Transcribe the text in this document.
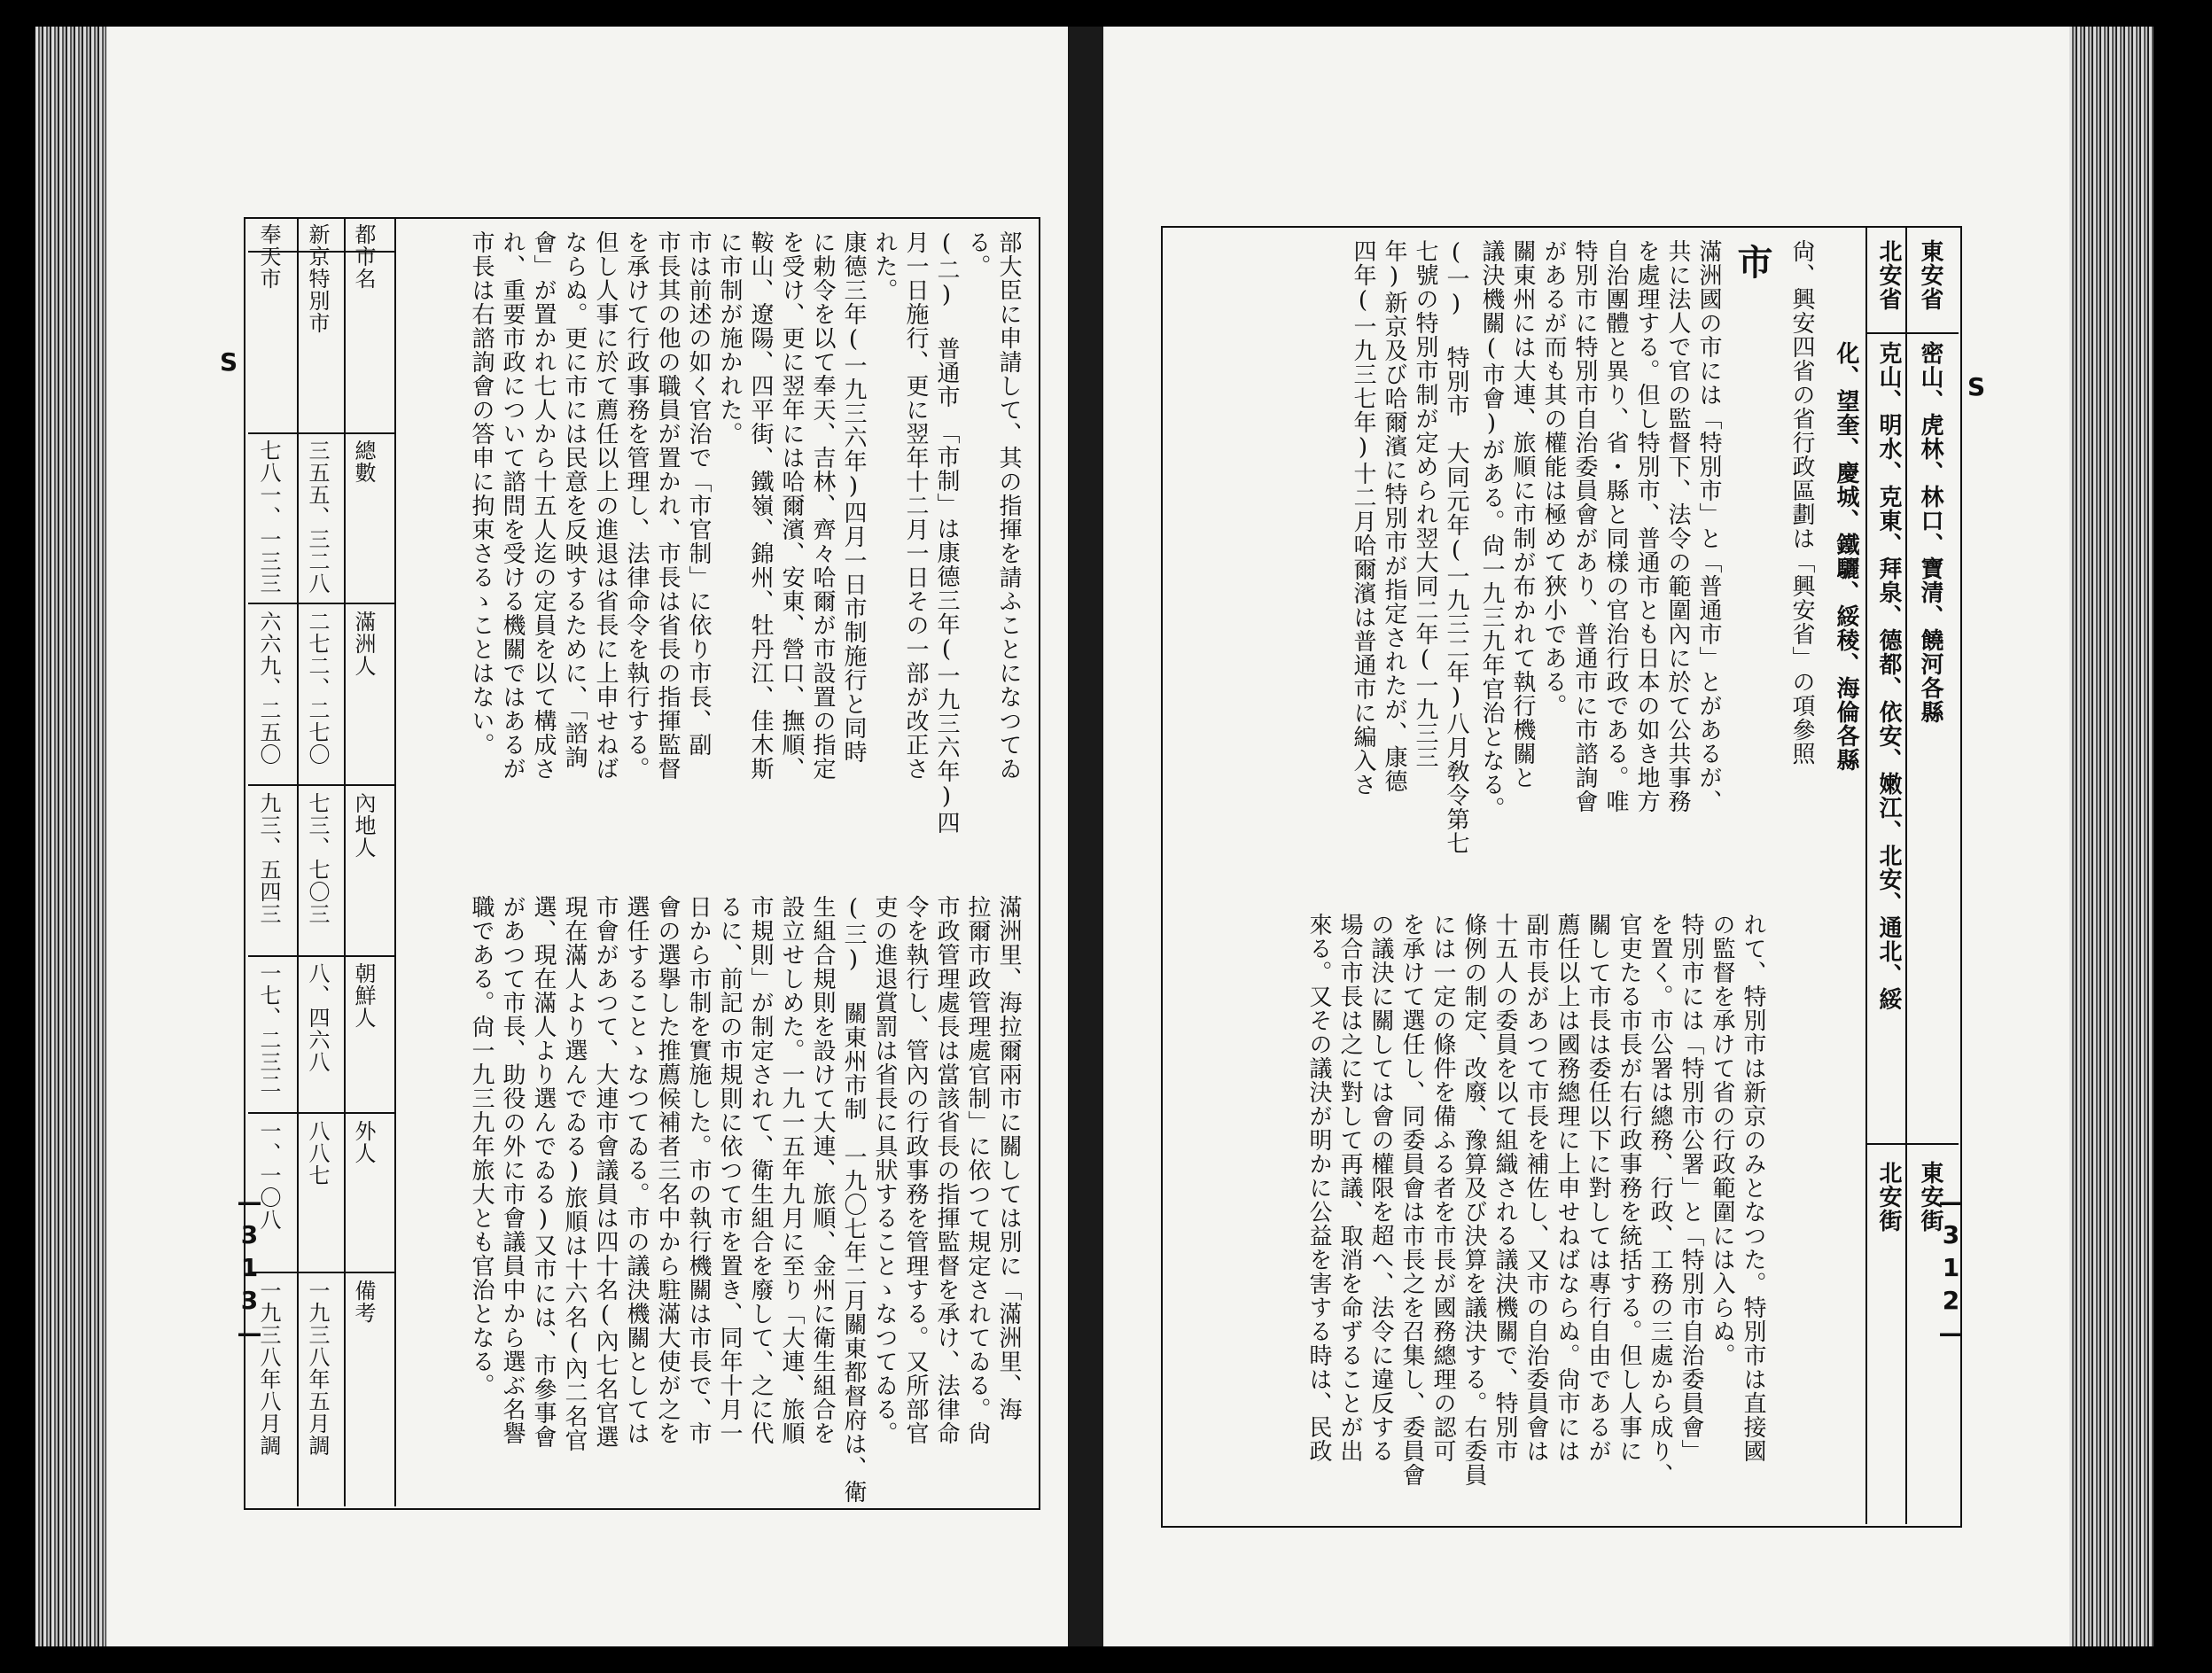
S	部大臣に申請して、其の指揮を請ふことになつてゐ
る。
(二) 普通市　「市制」は康德三年(一九三六年)四
月一日施行、更に翌年十二月一日その一部が改正さ
れた。
康德三年(一九三六年)四月一日市制施行と同時
に勅令を以て奉天、吉林、齊々哈爾が市設置の指定
を受け、更に翌年には哈爾濱、安東、營口、撫順、
鞍山、遼陽、四平街、鐵嶺、錦州、牡丹江、佳木斯
に市制が施かれた。
市は前述の如く官治で「市官制」に依り市長、副
市長其の他の職員が置かれ、市長は省長の指揮監督
を承けて行政事務を管理し、法律命令を執行する。
但し人事に於て薦任以上の進退は省長に上申せねば
ならぬ。更に市には民意を反映するために、「諮詢
會」が置かれ七人から十五人迄の定員を以て構成さ
れ、重要市政について諮問を受ける機關ではあるが
市長は右諮詢會の答申に拘束さるゝことはない。
滿洲里、海拉爾兩市に關しては別に「滿洲里、海
拉爾市政管理處官制」に依つて規定されてゐる。尙
市政管理處長は當該省長の指揮監督を承け、法律命
令を執行し、管內の行政事務を管理する。又所部官
吏の進退賞罰は省長に具狀することゝなつてゐる。
(三) 關東州市制　一九〇七年二月關東都督府は、衛
生組合規則を設けて大連、旅順、金州に衛生組合を
設立せしめた。一九一五年九月に至り「大連、旅順
市規則」が制定されて、衛生組合を廢して、之に代
るに、前記の市規則に依つて市を置き、同年十月一
日から市制を實施した。市の執行機關は市長で、市
會の選擧した推薦候補者三名中から駐滿大使が之を
選任することゝなつてゐる。市の議決機關としては
市會があつて、大連市會議員は四十名(內七名官選
現在滿人より選んでゐる)旅順は十六名(內二名官
選、現在滿人より選んでゐる)又市には、市參事會
があつて市長、助役の外に市會議員中から選ぶ名譽
職である。尙一九三九年旅大とも官治となる。
都市名
總數
滿洲人
內地人
朝鮮人
外人
備考
新京特別市
三五五、三二八
二七二、二七〇
七三、七〇三
八、四六八
八八七
一九三八年五月調
奉天市
七八一、一三三
六六九、二五〇
九三、五四三
一七、二三二
一、一〇八
一九三八年八月調
— 313 —
S
東安省
密山、虎林、林口、寶清、饒河各縣
東安街
北安省
克山、明水、克東、拜泉、德都、依安、嫩江、北安、通北、綏
北安街
化、望奎、慶城、鐵驪、綏稜、海倫各縣
尙、興安四省の省行政區劃は「興安省」の項參照
市
滿洲國の市には「特別市」と「普通市」とがあるが、
共に法人で官の監督下、法令の範圍內に於て公共事務
を處理する。但し特別市、普通市とも日本の如き地方
自治團體と異り、省・縣と同樣の官治行政である。唯
特別市に特別市自治委員會があり、普通市に市諮詢會
があるが而も其の權能は極めて狹小である。
關東州には大連、旅順に市制が布かれて執行機關と
議決機關(市會)がある。尙一九三九年官治となる。
(一) 特別市　大同元年(一九三二年)八月敎令第七
七號の特別市制が定められ翌大同二年(一九三三
年)新京及び哈爾濱に特別市が指定されたが、康德
四年(一九三七年)十二月哈爾濱は普通市に編入さ
れて、特別市は新京のみとなつた。特別市は直接國
の監督を承けて省の行政範圍には入らぬ。
特別市には「特別市公署」と「特別市自治委員會」
を置く。市公署は總務、行政、工務の三處から成り、
官吏たる市長が右行政事務を統括する。但し人事に
關して市長は委任以下に對しては專行自由であるが
薦任以上は國務總理に上申せねばならぬ。尙市には
副市長があつて市長を補佐し、又市の自治委員會は
十五人の委員を以て組織される議決機關で、特別市
條例の制定、改廢、豫算及び決算を議決する。右委員
には一定の條件を備ふる者を市長が國務總理の認可
を承けて選任し、同委員會は市長之を召集し、委員會
の議決に關しては會の權限を超へ、法令に違反する
場合市長は之に對して再議、取消を命ずることが出
來る。又その議決が明かに公益を害する時は、民政
—	312 —
